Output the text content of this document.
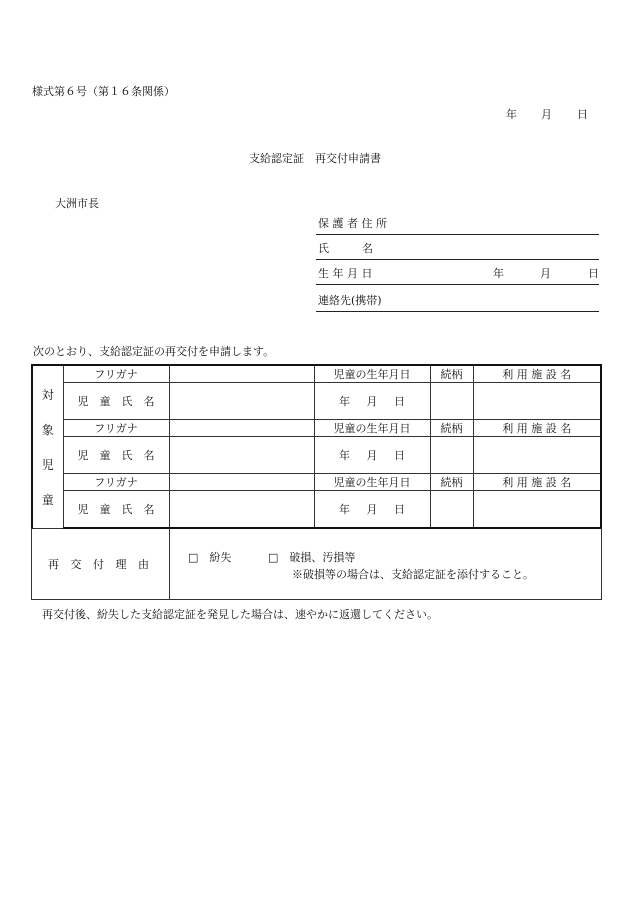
様式第６号（第１６条関係）
年 月 日
支給認定証　再交付申請書
大洲市長
保 護 者 住 所
氏　　　名
生 年 月 日	年	月	日
連絡先(携帯)
次のとおり、支給認定証の再交付を申請します。
対
象
児
童	フリガナ		児童の生年月日	続柄	利 用 施 設 名
	児　童　氏　名		年   月   日		
	フリガナ		児童の生年月日	続柄	利 用 施 設 名
	児　童　氏　名		年   月   日		
	フリガナ		児童の生年月日	続柄	利 用 施 設 名
	児　童　氏　名		年   月   日		
再 交 付 理 由	□　紛失	□　破損、汚損等
※破損等の場合は、支給認定証を添付すること。
再交付後、紛失した支給認定証を発見した場合は、速やかに返還してください。
